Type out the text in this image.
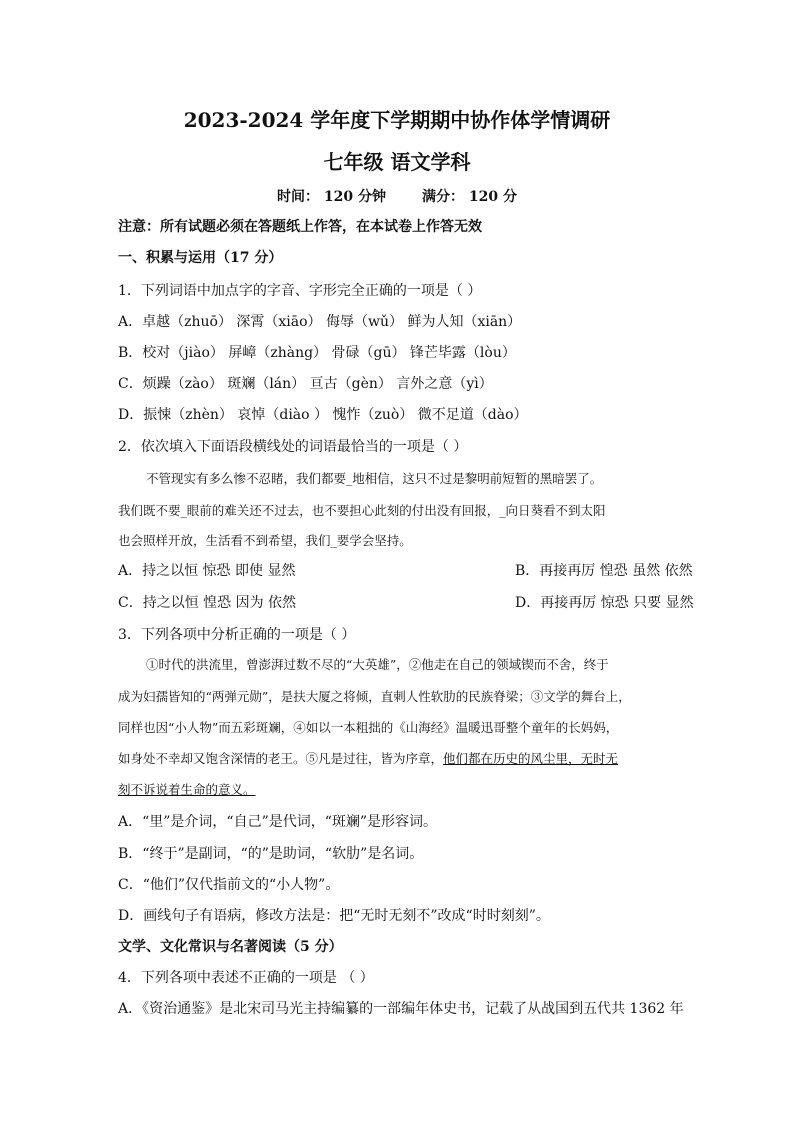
2023-2024 学年度下学期期中协作体学情调研
七年级 语文学科
时间： 120 分钟	满分： 120 分
注意：所有试题必须在答题纸上作答，在本试卷上作答无效
一、积累与运用（17 分）
1．下列词语中加点字的字音、字形完全正确的一项是（ ）
A．卓越（zhuō） 深霄（xiāo） 侮辱（wǔ） 鲜为人知（xiān）
B．校对（jiào） 屏嶂（zhàng） 骨碌（gū） 锋芒毕露（lòu）
C．烦躁（zào） 斑斓（lán） 亘古（gèn） 言外之意（yì）
D．振悚（zhèn） 哀悼（diào ） 愧怍（zuò） 微不足道（dào）
2．依次填入下面语段横线处的词语最恰当的一项是（ ）
不管现实有多么惨不忍睹，我们都要_地相信，这只不过是黎明前短暂的黑暗罢了。
我们既不要_眼前的难关还不过去，也不要担心此刻的付出没有回报，_向日葵看不到太阳
也会照样开放，生活看不到希望，我们_要学会坚持。
A．持之以恒 惊恐 即使 显然	B．再接再厉 惶恐 虽然 依然
C．持之以恒 惶恐 因为 依然	D．再接再厉 惊恐 只要 显然
3．下列各项中分析正确的一项是（ ）
①时代的洪流里，曾澎湃过数不尽的“大英雄”，②他走在自己的领域锲而不舍，终于
成为妇孺皆知的“两弹元勋”，是扶大厦之将倾，直刺人性软肋的民族脊梁；③文学的舞台上，
同样也因“小人物”而五彩斑斓，④如以一本粗拙的《山海经》温暖迅哥整个童年的长妈妈，
如身处不幸却又饱含深情的老王。⑤凡是过往，皆为序章，他们都在历史的风尘里，无时无
刻不诉说着生命的意义。
A．“里”是介词，“自己”是代词，“斑斓”是形容词。
B．“终于”是副词，“的”是助词，“软肋”是名词。
C．“他们”仅代指前文的“小人物”。
D．画线句子有语病，修改方法是：把“无时无刻不”改成“时时刻刻”。
文学、文化常识与名著阅读（5 分）
4．下列各项中表述不正确的一项是 （ ）
A．《资治通鉴》是北宋司马光主持编纂的一部编年体史书，记载了从战国到五代共 1362 年
